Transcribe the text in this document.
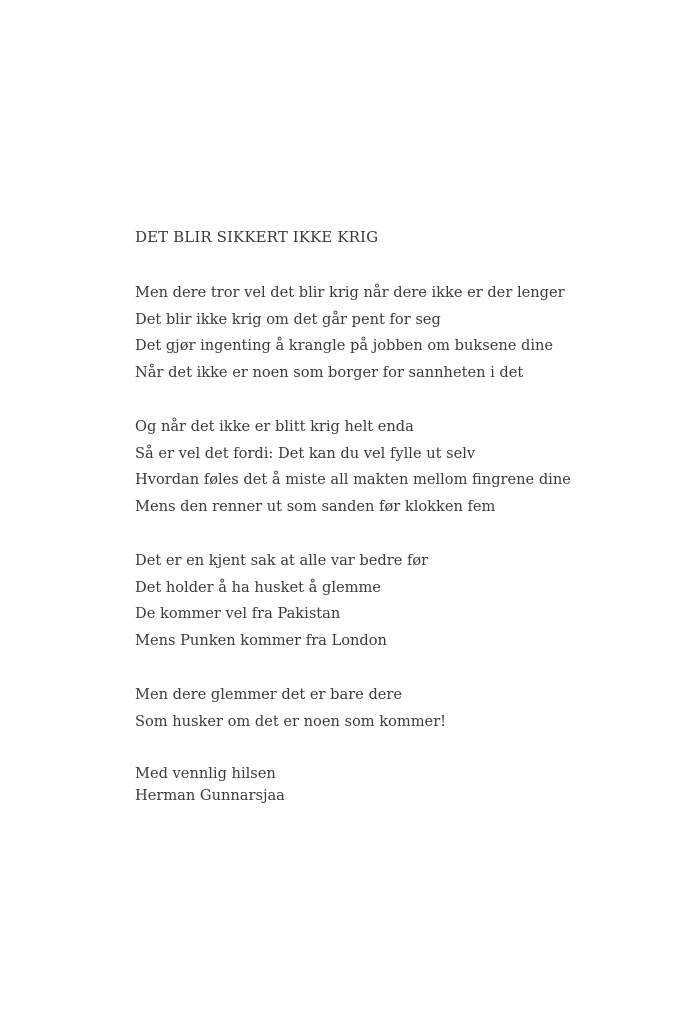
DET BLIR SIKKERT IKKE KRIG
Men dere tror vel det blir krig når dere ikke er der lenger
Det blir ikke krig om det går pent for seg
Det gjør ingenting å krangle på jobben om buksene dine
Når det ikke er noen som borger for sannheten i det
Og når det ikke er blitt krig helt enda
Så er vel det fordi: Det kan du vel fylle ut selv
Hvordan føles det å miste all makten mellom fingrene dine
Mens den renner ut som sanden før klokken fem
Det er en kjent sak at alle var bedre før
Det holder å ha husket å glemme
De kommer vel fra Pakistan
Mens Punken kommer fra London
Men dere glemmer det er bare dere
Som husker om det er noen som kommer!
Med vennlig hilsen
Herman Gunnarsjaa
